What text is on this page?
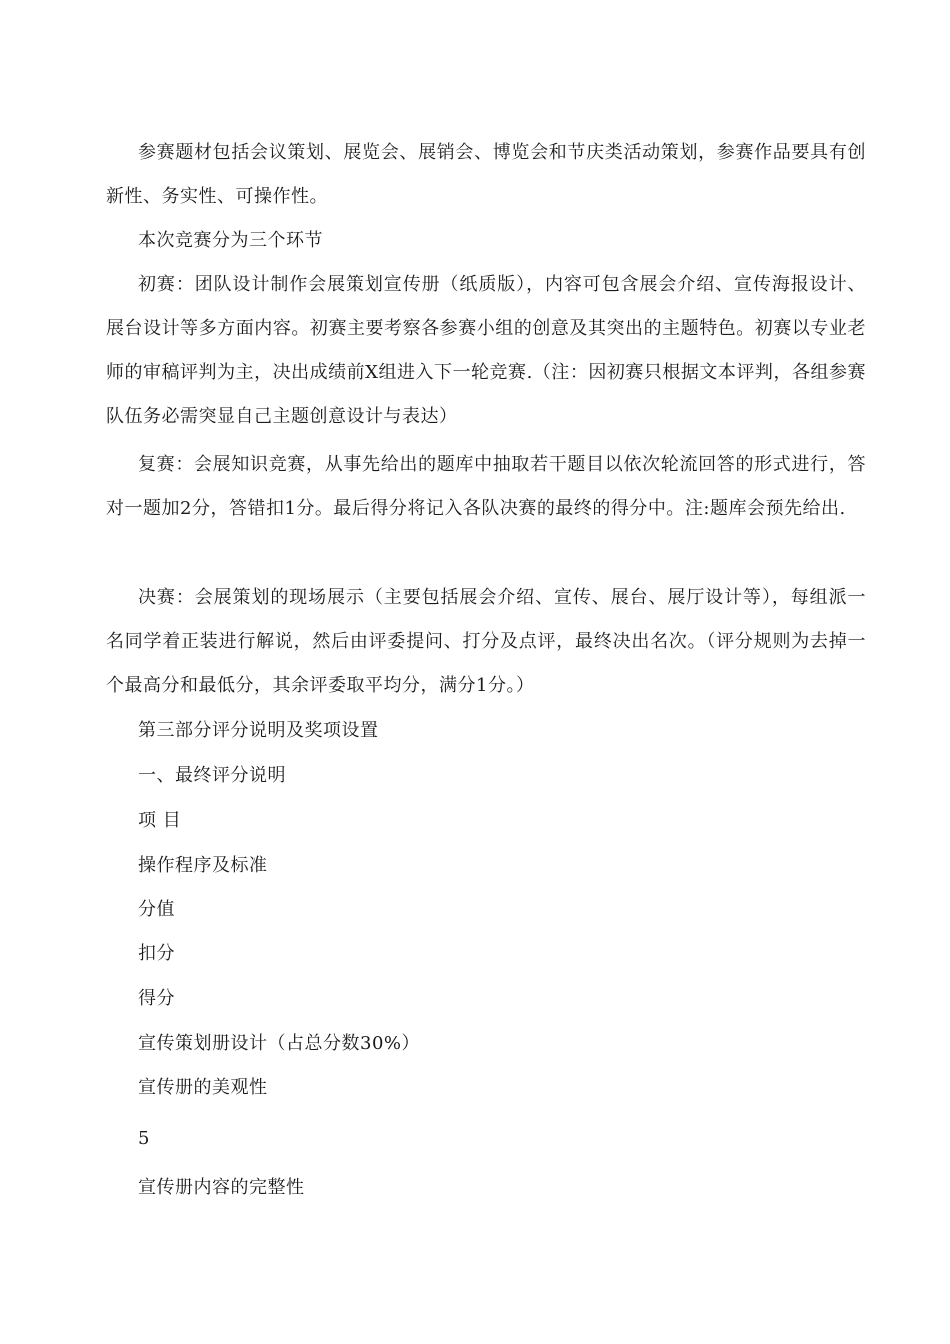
参赛题材包括会议策划、展览会、展销会、博览会和节庆类活动策划，参赛作品要具有创新性、务实性、可操作性。

本次竞赛分为三个环节

初赛：团队设计制作会展策划宣传册（纸质版），内容可包含展会介绍、宣传海报设计、展台设计等多方面内容。初赛主要考察各参赛小组的创意及其突出的主题特色。初赛以专业老师的审稿评判为主，决出成绩前X组进入下一轮竞赛.（注：因初赛只根据文本评判，各组参赛队伍务必需突显自己主题创意设计与表达）

复赛：会展知识竞赛，从事先给出的题库中抽取若干题目以依次轮流回答的形式进行，答对一题加2分，答错扣1分。最后得分将记入各队决赛的最终的得分中。注:题库会预先给出.

决赛：会展策划的现场展示（主要包括展会介绍、宣传、展台、展厅设计等），每组派一名同学着正装进行解说，然后由评委提问、打分及点评，最终决出名次。（评分规则为去掉一个最高分和最低分，其余评委取平均分，满分1分。）

第三部分评分说明及奖项设置

一、最终评分说明

项 目

操作程序及标准

分值

扣分

得分

宣传策划册设计（占总分数30%）

宣传册的美观性

5

宣传册内容的完整性
